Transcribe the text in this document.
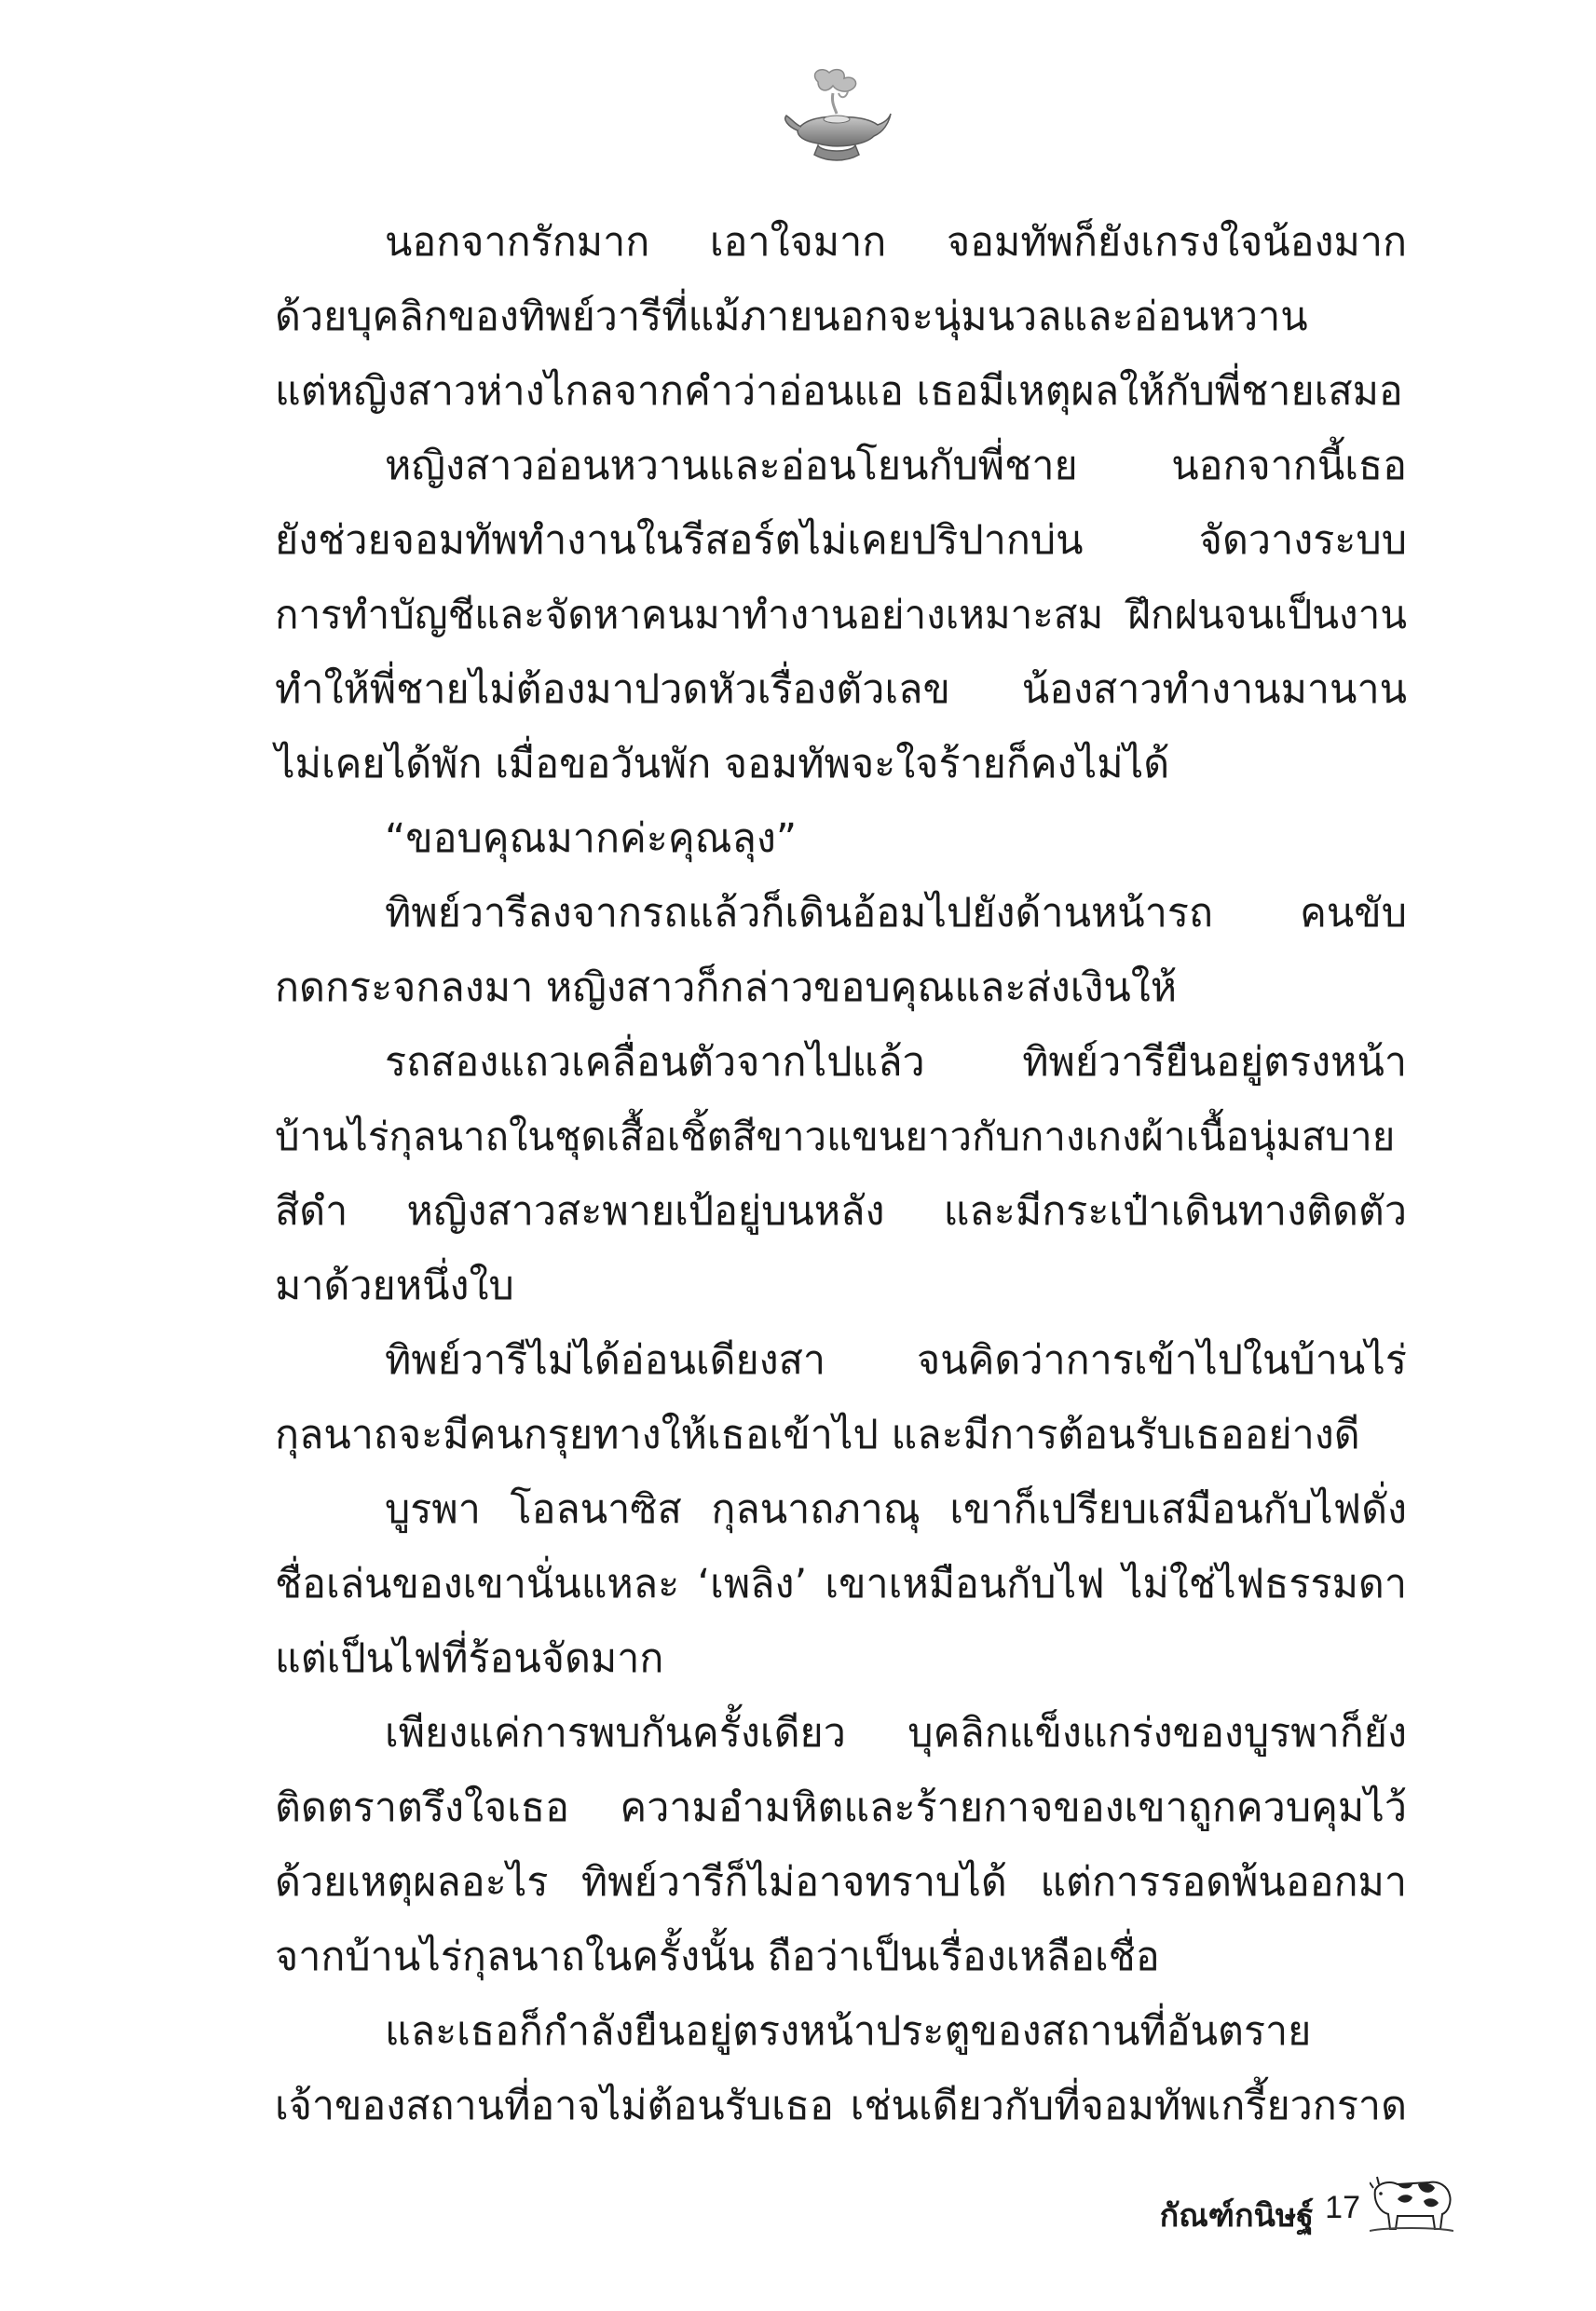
นอกจากรักมาก เอาใจมาก จอมทัพก็ยังเกรงใจน้องมาก
ด้วยบุคลิกของทิพย์วารีที่แม้ภายนอกจะนุ่มนวลและอ่อนหวาน
แต่หญิงสาวห่างไกลจากคำว่าอ่อนแอ เธอมีเหตุผลให้กับพี่ชายเสมอ

หญิงสาวอ่อนหวานและอ่อนโยนกับพี่ชาย นอกจากนี้เธอ
ยังช่วยจอมทัพทำงานในรีสอร์ตไม่เคยปริปากบ่น จัดวางระบบ
การทำบัญชีและจัดหาคนมาทำงานอย่างเหมาะสม ฝึกฝนจนเป็นงาน
ทำให้พี่ชายไม่ต้องมาปวดหัวเรื่องตัวเลข น้องสาวทำงานมานาน
ไม่เคยได้พัก เมื่อขอวันพัก จอมทัพจะใจร้ายก็คงไม่ได้

“ขอบคุณมากค่ะคุณลุง”

ทิพย์วารีลงจากรถแล้วก็เดินอ้อมไปยังด้านหน้ารถ คนขับ
กดกระจกลงมา หญิงสาวก็กล่าวขอบคุณและส่งเงินให้

รถสองแถวเคลื่อนตัวจากไปแล้ว ทิพย์วารียืนอยู่ตรงหน้า
บ้านไร่กุลนาถในชุดเสื้อเชิ้ตสีขาวแขนยาวกับกางเกงผ้าเนื้อนุ่มสบาย
สีดำ หญิงสาวสะพายเป้อยู่บนหลัง และมีกระเป๋าเดินทางติดตัว
มาด้วยหนึ่งใบ

ทิพย์วารีไม่ได้อ่อนเดียงสา จนคิดว่าการเข้าไปในบ้านไร่
กุลนาถจะมีคนกรุยทางให้เธอเข้าไป และมีการต้อนรับเธออย่างดี

บูรพา โอลนาซิส กุลนาถภาณุ เขาก็เปรียบเสมือนกับไฟดั่ง
ชื่อเล่นของเขานั่นแหละ ‘เพลิง’ เขาเหมือนกับไฟ ไม่ใช่ไฟธรรมดา
แต่เป็นไฟที่ร้อนจัดมาก

เพียงแค่การพบกันครั้งเดียว บุคลิกแข็งแกร่งของบูรพาก็ยัง
ติดตราตรึงใจเธอ ความอำมหิตและร้ายกาจของเขาถูกควบคุมไว้
ด้วยเหตุผลอะไร ทิพย์วารีก็ไม่อาจทราบได้ แต่การรอดพ้นออกมา
จากบ้านไร่กุลนาถในครั้งนั้น ถือว่าเป็นเรื่องเหลือเชื่อ

และเธอก็กำลังยืนอยู่ตรงหน้าประตูของสถานที่อันตราย
เจ้าของสถานที่อาจไม่ต้อนรับเธอ เช่นเดียวกับที่จอมทัพเกรี้ยวกราด

กัณฑ์กนิษฐ์ 17
